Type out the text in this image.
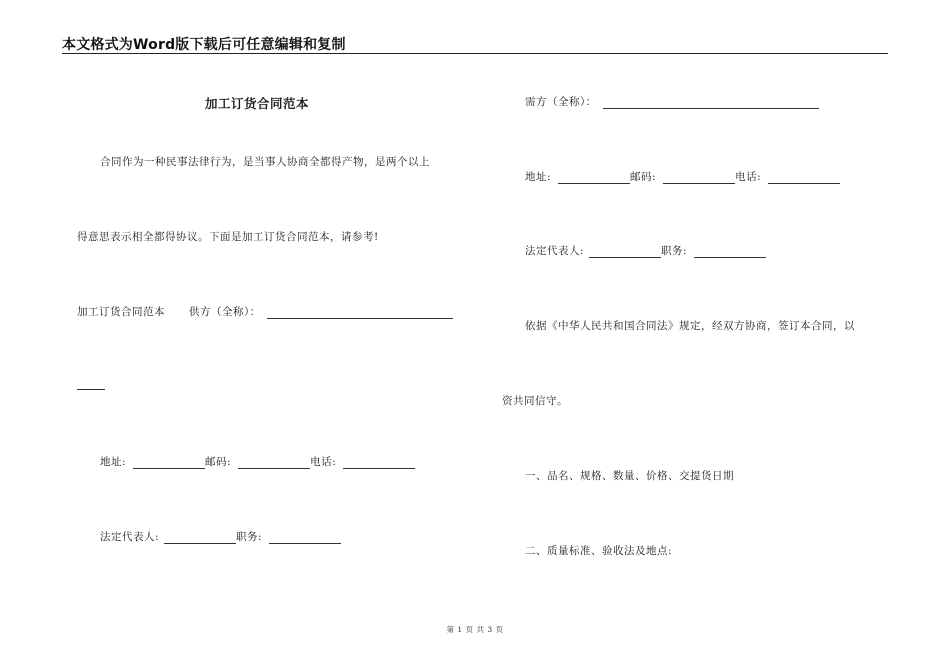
本文格式为Word版下载后可任意编辑和复制
加工订货合同范本
合同作为一种民事法律行为，是当事人协商全都得产物，是两个以上
得意思表示相全都得协议。下面是加工订货合同范本，请参考!
加工订货合同范本 供方（全称）：
地址:	邮码:	电话:
法定代表人:	职务:
需方（全称）：
地址:	邮码:	电话:
法定代表人:	职务:
依据《中华人民共和国合同法》规定，经双方协商，签订本合同，以
资共同信守。
一、品名、规格、数量、价格、交提货日期
二、质量标准、验收法及地点:
第 1 页 共 3 页
